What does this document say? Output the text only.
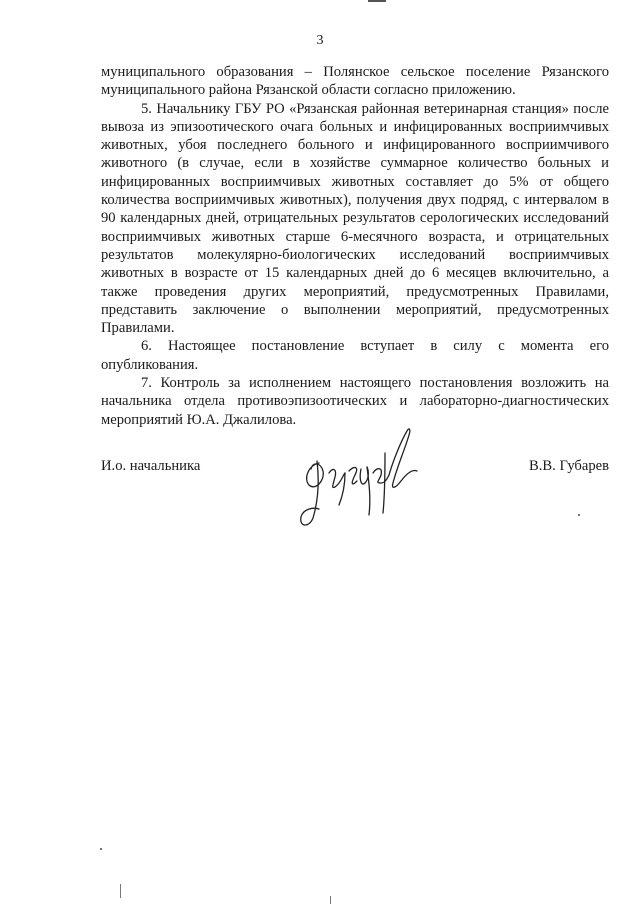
3

муниципального образования – Полянское сельское поселение Рязанского муниципального района Рязанской области согласно приложению.

5. Начальнику ГБУ РО «Рязанская районная ветеринарная станция» после вывоза из эпизоотического очага больных и инфицированных восприимчивых животных, убоя последнего больного и инфицированного восприимчивого животного (в случае, если в хозяйстве суммарное количество больных и инфицированных восприимчивых животных составляет до 5% от общего количества восприимчивых животных), получения двух подряд, с интервалом в 90 календарных дней, отрицательных результатов серологических исследований восприимчивых животных старше 6-месячного возраста, и отрицательных результатов молекулярно-биологических исследований восприимчивых животных в возрасте от 15 календарных дней до 6 месяцев включительно, а также проведения других мероприятий, предусмотренных Правилами, представить заключение о выполнении мероприятий, предусмотренных Правилами.

6. Настоящее постановление вступает в силу с момента его опубликования.

7. Контроль за исполнением настоящего постановления возложить на начальника отдела противоэпизоотических и лабораторно-диагностических мероприятий Ю.А. Джалилова.

И.о. начальника	В.В. Губарев
